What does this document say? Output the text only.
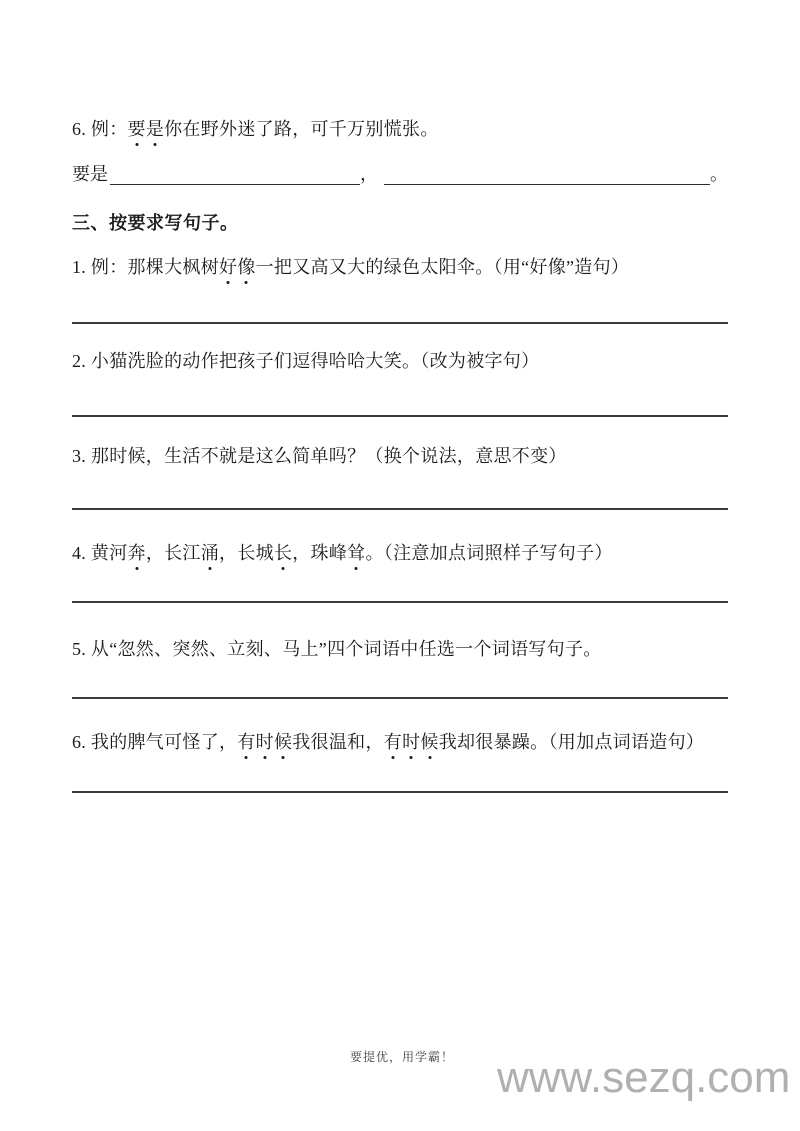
6. 例：要是你在野外迷了路，可千万别慌张。
要是	，	。
三、按要求写句子。
1. 例：那棵大枫树好像一把又高又大的绿色太阳伞。（用“好像”造句）
2. 小猫洗脸的动作把孩子们逗得哈哈大笑。（改为被字句）
3. 那时候，生活不就是这么简单吗？（换个说法，意思不变）
4. 黄河奔，长江涌，长城长，珠峰耸。（注意加点词照样子写句子）
5. 从“忽然、突然、立刻、马上”四个词语中任选一个词语写句子。
6. 我的脾气可怪了，有时候我很温和，有时候我却很暴躁。（用加点词语造句）
要提优，用学霸！ www.sezq.com
